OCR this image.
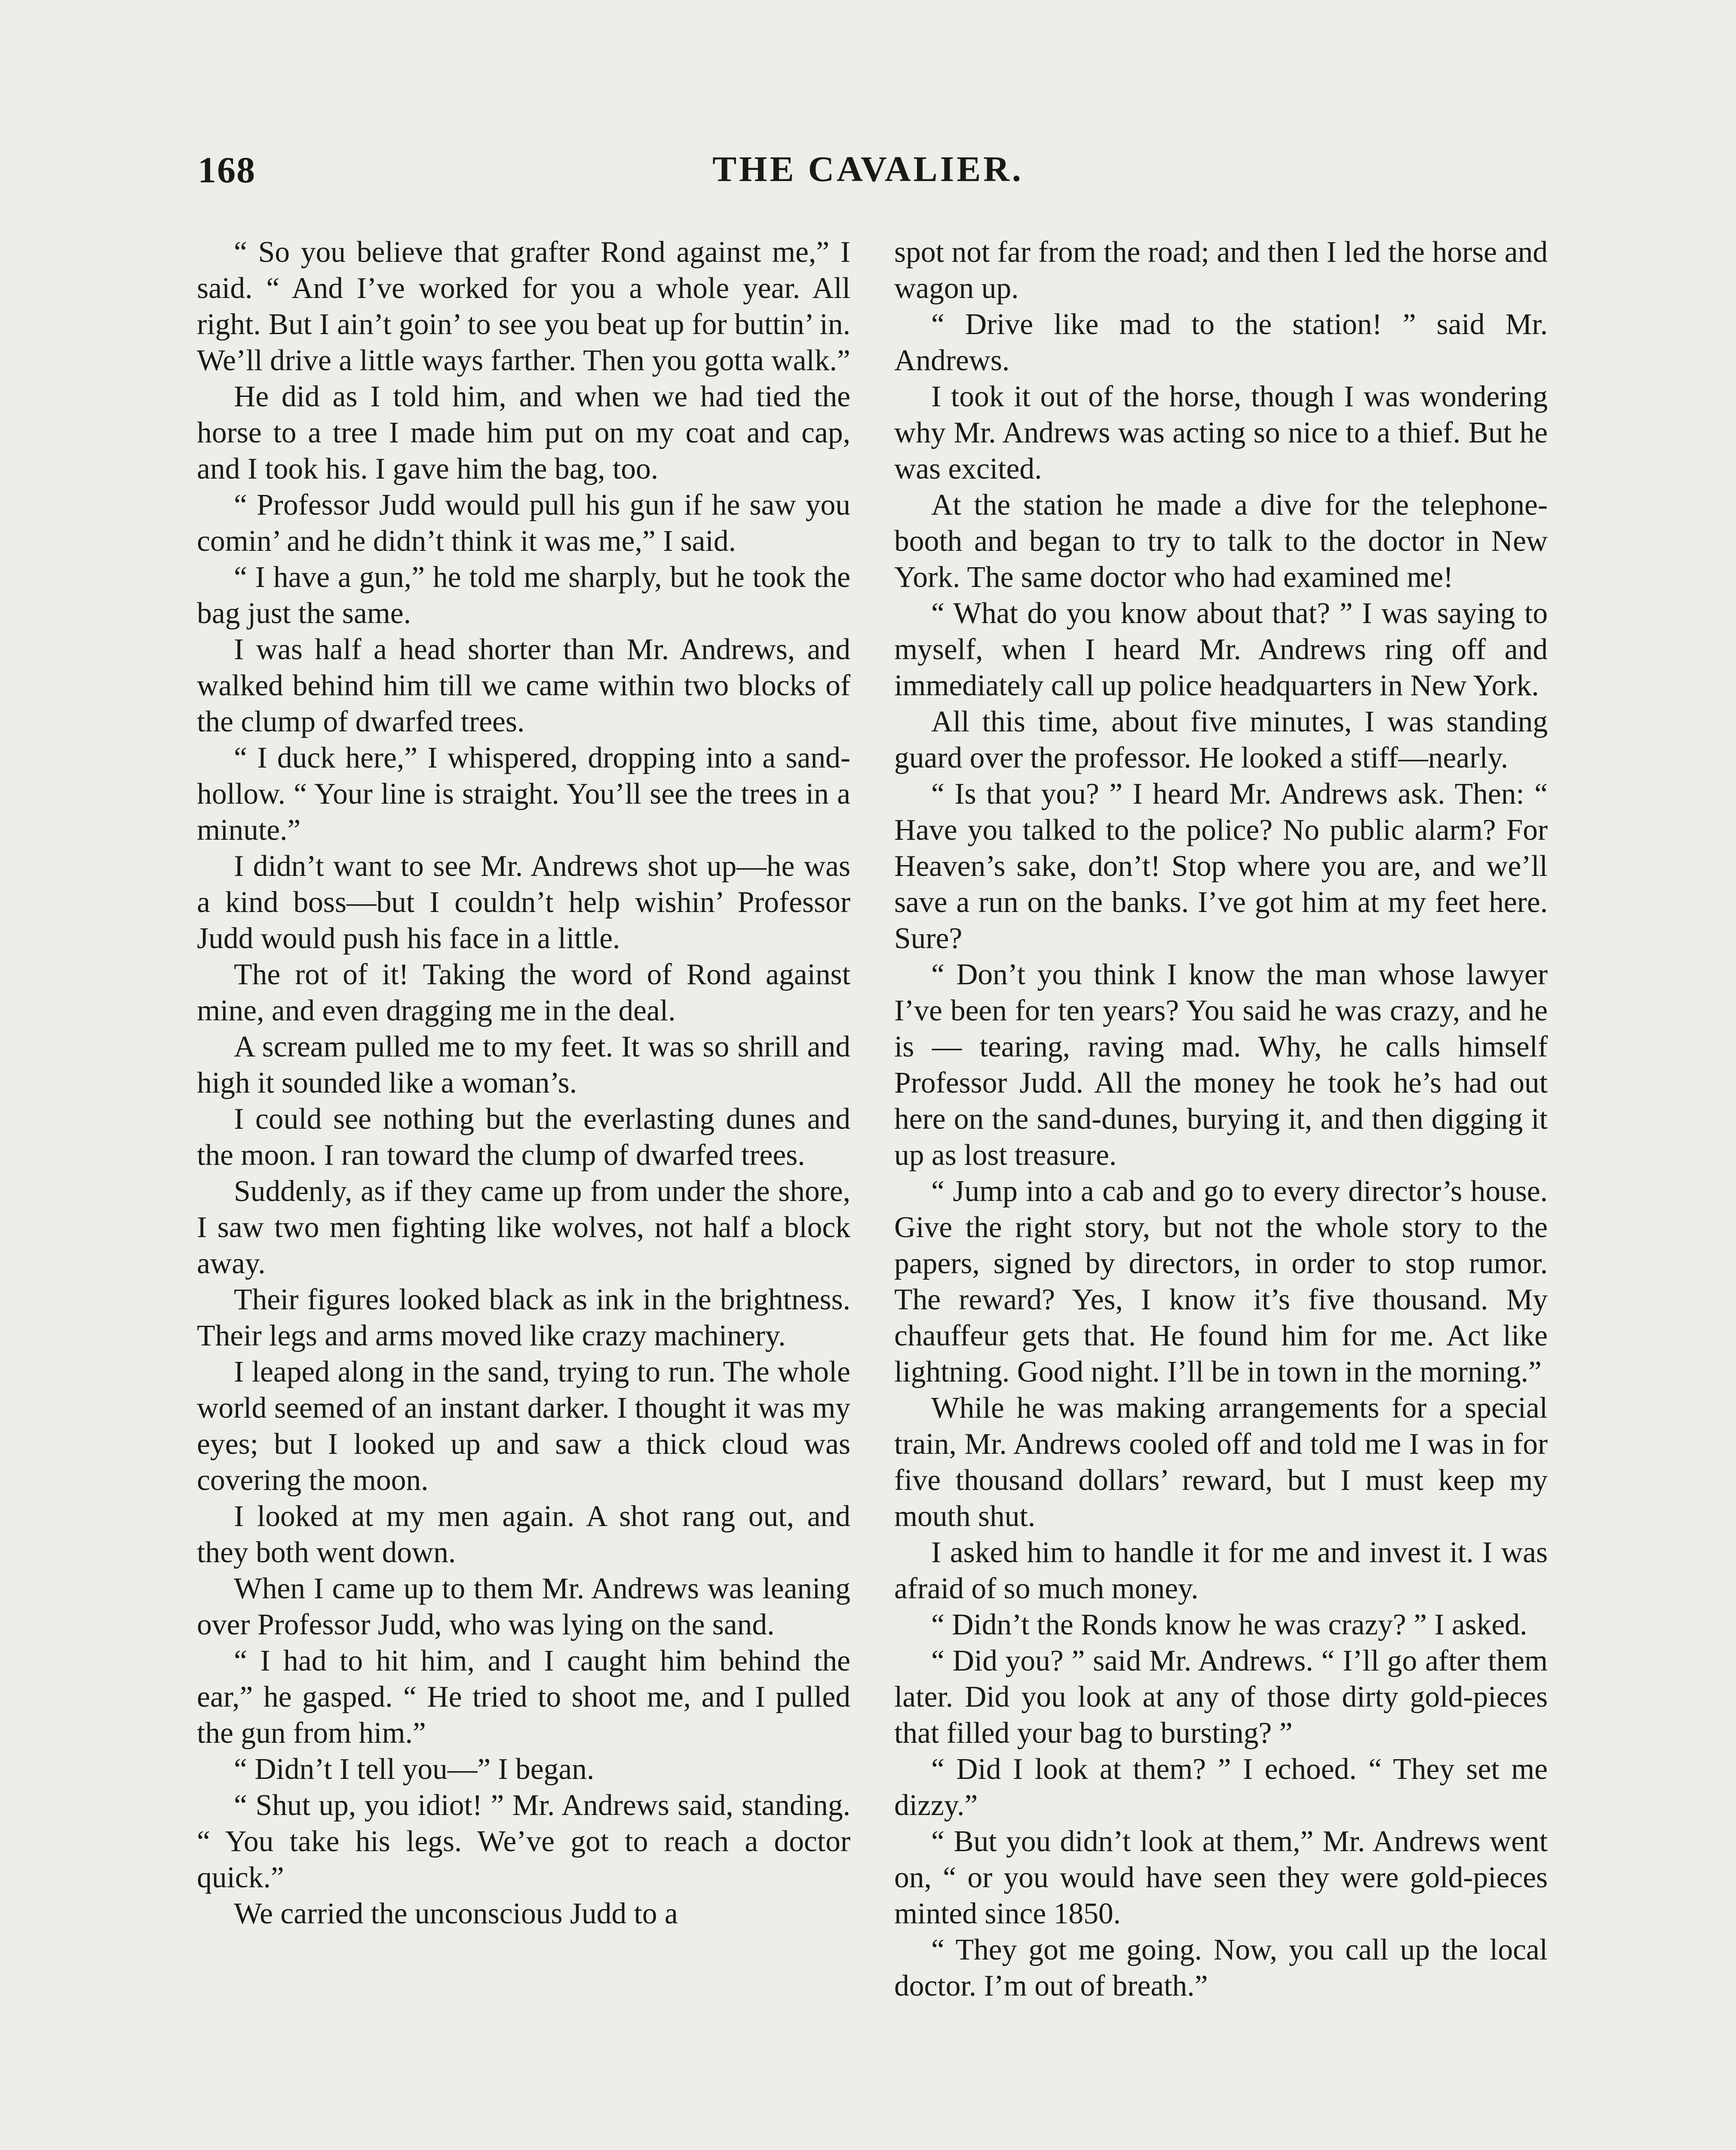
168	THE CAVALIER.

“ So you believe that grafter Rond against me,” I said. “ And I’ve worked for you a whole year. All right. But I ain’t goin’ to see you beat up for buttin’ in. We’ll drive a little ways farther. Then you gotta walk.”

He did as I told him, and when we had tied the horse to a tree I made him put on my coat and cap, and I took his. I gave him the bag, too.

“ Professor Judd would pull his gun if he saw you comin’ and he didn’t think it was me,” I said.

“ I have a gun,” he told me sharply, but he took the bag just the same.

I was half a head shorter than Mr. Andrews, and walked behind him till we came within two blocks of the clump of dwarfed trees.

“ I duck here,” I whispered, dropping into a sand-hollow. “ Your line is straight. You’ll see the trees in a minute.”

I didn’t want to see Mr. Andrews shot up—he was a kind boss—but I couldn’t help wishin’ Professor Judd would push his face in a little.

The rot of it! Taking the word of Rond against mine, and even dragging me in the deal.

A scream pulled me to my feet. It was so shrill and high it sounded like a woman’s.

I could see nothing but the everlasting dunes and the moon. I ran toward the clump of dwarfed trees.

Suddenly, as if they came up from under the shore, I saw two men fighting like wolves, not half a block away.

Their figures looked black as ink in the brightness. Their legs and arms moved like crazy machinery.

I leaped along in the sand, trying to run. The whole world seemed of an instant darker. I thought it was my eyes; but I looked up and saw a thick cloud was covering the moon.

I looked at my men again. A shot rang out, and they both went down.

When I came up to them Mr. Andrews was leaning over Professor Judd, who was lying on the sand.

“ I had to hit him, and I caught him behind the ear,” he gasped. “ He tried to shoot me, and I pulled the gun from him.”

“ Didn’t I tell you—” I began.

“ Shut up, you idiot! ” Mr. Andrews said, standing. “ You take his legs. We’ve got to reach a doctor quick.”

We carried the unconscious Judd to a

spot not far from the road; and then I led the horse and wagon up.

“ Drive like mad to the station! ” said Mr. Andrews.

I took it out of the horse, though I was wondering why Mr. Andrews was acting so nice to a thief. But he was excited.

At the station he made a dive for the telephone-booth and began to try to talk to the doctor in New York. The same doctor who had examined me!

“ What do you know about that? ” I was saying to myself, when I heard Mr. Andrews ring off and immediately call up police headquarters in New York.

All this time, about five minutes, I was standing guard over the professor. He looked a stiff—nearly.

“ Is that you? ” I heard Mr. Andrews ask. Then: “ Have you talked to the police? No public alarm? For Heaven’s sake, don’t! Stop where you are, and we’ll save a run on the banks. I’ve got him at my feet here. Sure?

“ Don’t you think I know the man whose lawyer I’ve been for ten years? You said he was crazy, and he is — tearing, raving mad. Why, he calls himself Professor Judd. All the money he took he’s had out here on the sand-dunes, burying it, and then digging it up as lost treasure.

“ Jump into a cab and go to every director’s house. Give the right story, but not the whole story to the papers, signed by directors, in order to stop rumor. The reward? Yes, I know it’s five thousand. My chauffeur gets that. He found him for me. Act like lightning. Good night. I’ll be in town in the morning.”

While he was making arrangements for a special train, Mr. Andrews cooled off and told me I was in for five thousand dollars’ reward, but I must keep my mouth shut.

I asked him to handle it for me and invest it. I was afraid of so much money.

“ Didn’t the Ronds know he was crazy? ” I asked.

“ Did you? ” said Mr. Andrews. “ I’ll go after them later. Did you look at any of those dirty gold-pieces that filled your bag to bursting? ”

“ Did I look at them? ” I echoed. “ They set me dizzy.”

“ But you didn’t look at them,” Mr. Andrews went on, “ or you would have seen they were gold-pieces minted since 1850.

“ They got me going. Now, you call up the local doctor. I’m out of breath.”
